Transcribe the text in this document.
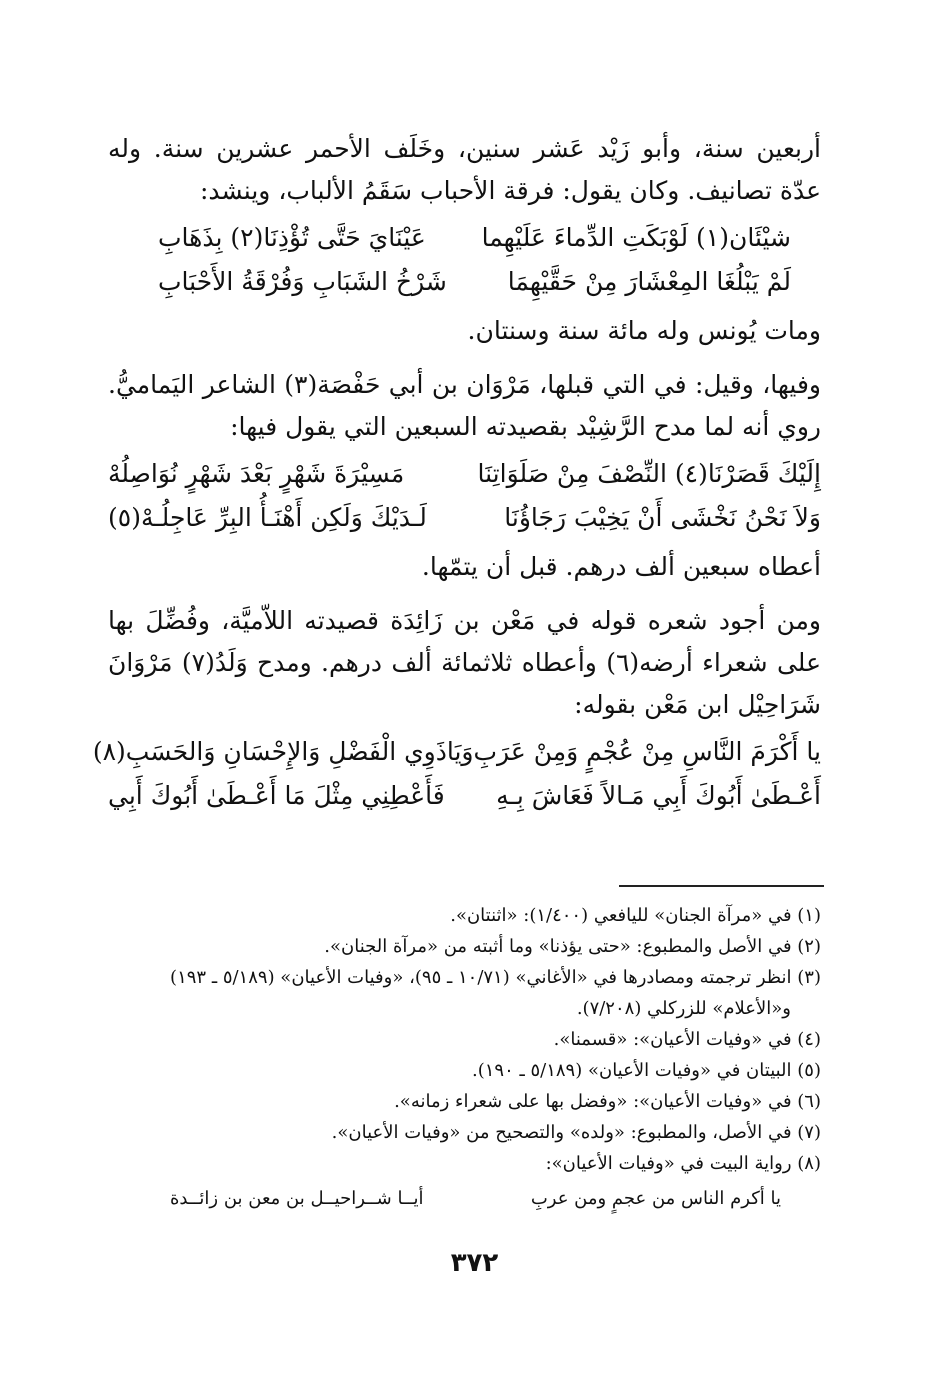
أربعين سنة، وأبو زَيْد عَشر سنين، وخَلَف الأحمر عشرين سنة. وله عدّة تصانيف. وكان يقول: فرقة الأحباب سَقَمُ الألباب، وينشد:

شيْئَان(١) لَوْبَكَتِ الدِّماءَ عَلَيْهِما
عَيْنَايَ حَتَّى تُؤْذِنَا(٢) بِذَهَابِ
لَمْ يَبْلُغَا المِعْشَارَ مِنْ حَقَّيْهِمَا
شَرْخُ الشَبَابِ وَفُرْقَةُ الأَحْبَابِ

ومات يُونس وله مائة سنة وسنتان.

وفيها، وقيل: في التي قبلها، مَرْوَان بن أبي حَفْصَة(٣) الشاعر اليَماميُّ. روي أنه لما مدح الرَّشِيْد بقصيدته السبعين التي يقول فيها:

إِلَيْكَ قَصَرْنَا(٤) النِّصْفَ مِنْ صَلَوَاتِنَا
مَسِيْرَةَ شَهْرٍ بَعْدَ شَهْرٍ نُوَاصِلُهْ
وَلاَ نَحْنُ نَخْشَى أَنْ يَخِيْبَ رَجَاؤُنَا
لَـدَيْكَ وَلَكِن أَهْنَـأُ البِرِّ عَاجِلُـهْ(٥)

أعطاه سبعين ألف درهم. قبل أن يتمّها.

ومن أجود شعره قوله في مَعْن بن زَائِدَة قصيدته اللاّميَّة، وفُضِّلَ بها على شعراء أرضه(٦) وأعطاه ثلاثمائة ألف درهم. ومدح وَلَدُ(٧) مَرْوَانَ شَرَاحِيْل ابن مَعْن بقوله:

يا أَكْرَمَ النَّاسِ مِنْ عُجْمٍ وَمِنْ عَرَبِ
وَيَاذَوِي الْفَضْلِ وَالإِحْسَانِ وَالحَسَبِ(٨)
أَعْـطَىٰ أَبُوكَ أَبِي مَـالاً فَعَاشَ بِـهِ
فَأَعْطِنِي مِثْلَ مَا أَعْـطَىٰ أَبُوكَ أَبِي

(١) في «مرآة الجنان» لليافعي (١/٤٠٠): «اثنتان».

(٢) في الأصل والمطبوع: «حتى يؤذنا» وما أثبته من «مرآة الجنان».

(٣) انظر ترجمته ومصادرها في «الأغاني» (١٠/٧١ ـ ٩٥)، «وفيات الأعيان» (٥/١٨٩ ـ ١٩٣)

و«الأعلام» للزركلي (٧/٢٠٨).

(٤) في «وفيات الأعيان»: «قسمنا».

(٥) البيتان في «وفيات الأعيان» (٥/١٨٩ ـ ١٩٠).

(٦) في «وفيات الأعيان»: «وفضل بها على شعراء زمانه».

(٧) في الأصل، والمطبوع: «ولده» والتصحيح من «وفيات الأعيان».

(٨) رواية البيت في «وفيات الأعيان»:

يا أكرم الناس من عجمٍ ومن عربِ
أيــا شــراحيــل بن معن بن زائــدة
٣٧٢
